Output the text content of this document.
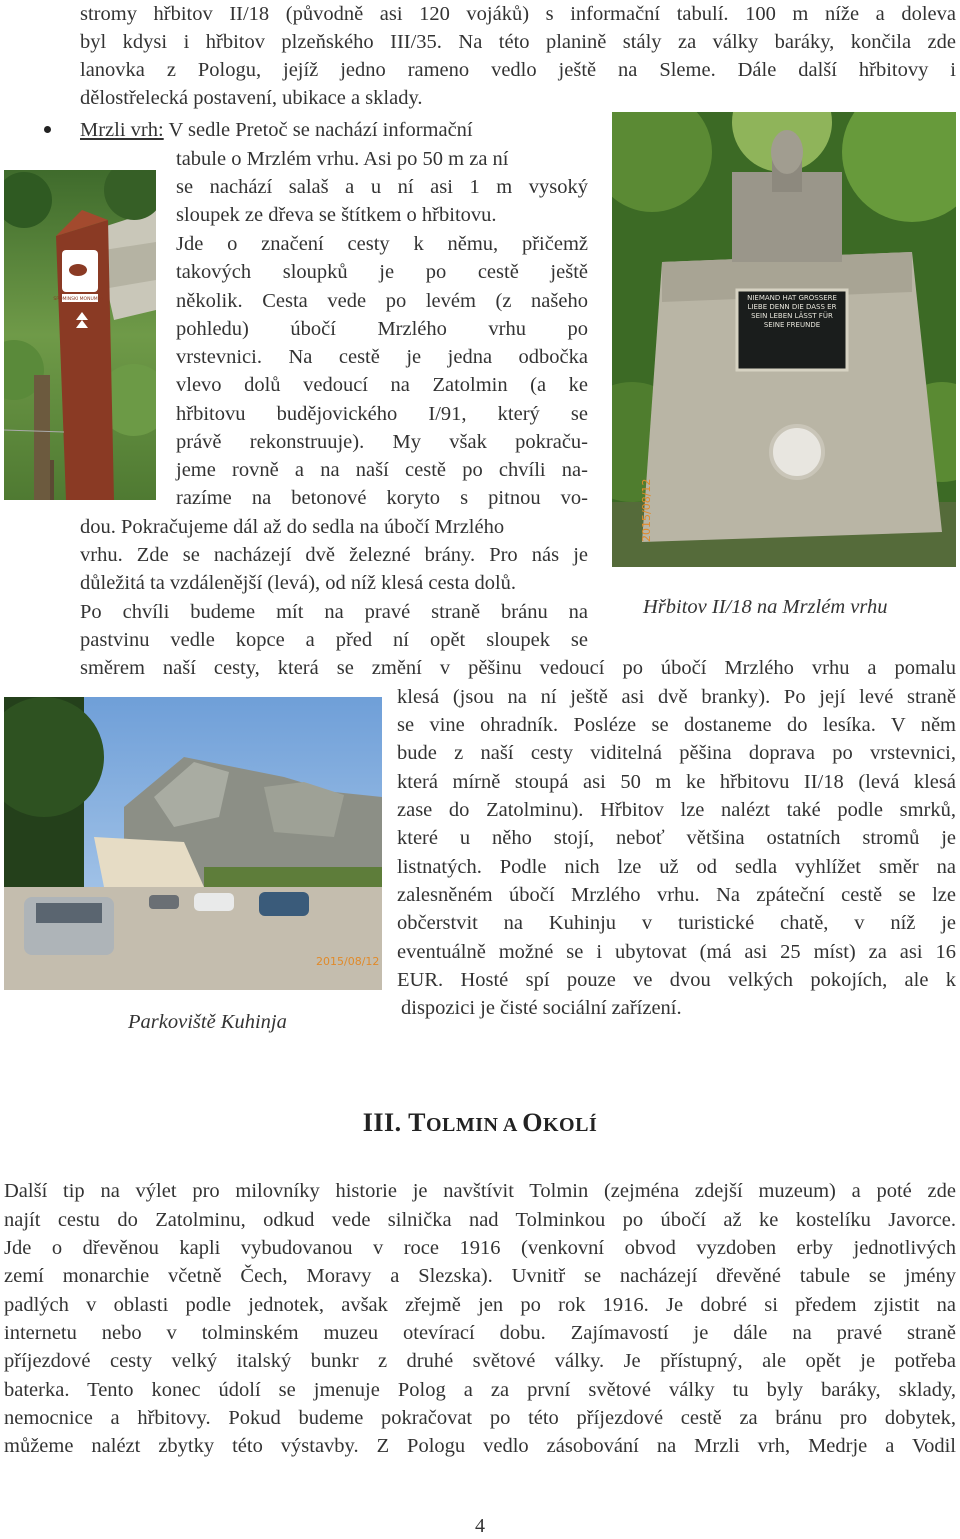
stromy hřbitov II/18 (původně asi 120 vojáků) s informační tabulí. 100 m níže a doleva
byl kdysi i hřbitov plzeňského III/35. Na této planině stály za války baráky, končila zde
lanovka z Pologu, jejíž jedno rameno vedlo ještě na Sleme. Dále další hřbitovy i
dělostřelecká postavení, ubikace a sklady.
Mrzli vrh: V sedle Pretoč se nachází informační
tabule o Mrzlém vrhu. Asi po 50 m za ní
se nachází salaš a u ní asi 1 m vysoký
sloupek ze dřeva se štítkem o hřbitovu.
Jde o značení cesty k němu, přičemž
takových sloupků je po cestě ještě
několik. Cesta vede po levém (z našeho
pohledu) úbočí Mrzlého vrhu po
vrstevnici. Na cestě je jedna odbočka
vlevo dolů vedoucí na Zatolmin (a ke
hřbitovu budějovického I/91, který se
právě rekonstruuje). My však pokraču-
jeme rovně a na naší cestě po chvíli na-
razíme na betonové koryto s pitnou vo-
dou. Pokračujeme dál až do sedla na úbočí Mrzlého
vrhu. Zde se nacházejí dvě železné brány. Pro nás je
důležitá ta vzdálenější (levá), od níž klesá cesta dolů.
Po chvíli budeme mít na pravé straně bránu na
pastvinu vedle kopce a před ní opět sloupek se
směrem naší cesty, která se změní v pěšinu vedoucí po úbočí Mrzlého vrhu a pomalu
klesá (jsou na ní ještě asi dvě branky). Po její levé straně
se vine ohradník. Posléze se dostaneme do lesíka. V něm
bude z naší cesty viditelná pěšina doprava po vrstevnici,
která mírně stoupá asi 50 m ke hřbitovu II/18 (levá klesá
zase do Zatolminu). Hřbitov lze nalézt také podle smrků,
které u něho stojí, neboť většina ostatních stromů je
listnatých. Podle nich lze už od sedla vyhlížet směr na
zalesněném úbočí Mrzlého vrhu. Na zpáteční cestě se lze
občerstvit na Kuhinju v turistické chatě, v níž je
eventuálně možné se i ubytovat (má asi 25 míst) za asi 16
EUR. Hosté spí pouze ve dvou velkých pokojích, ale k
dispozici je čisté sociální zařízení.
SPOMINSKI MONUMENT	NIEMAND HAT GRÖSSERE LIEBE DENN DIE DASS ER SEIN LEBEN LÄSST FÜR SEINE FREUNDE
2015/08/12
Hřbitov II/18 na Mrzlém vrhu
2015/08/12
Parkoviště Kuhinja
III. TOLMIN A OKOLÍ
Další tip na výlet pro milovníky historie je navštívit Tolmin (zejména zdejší muzeum) a poté zde
najít cestu do Zatolminu, odkud vede silnička nad Tolminkou po úbočí až ke kostelíku Javorce.
Jde o dřevěnou kapli vybudovanou v roce 1916 (venkovní obvod vyzdoben erby jednotlivých
zemí monarchie včetně Čech, Moravy a Slezska). Uvnitř se nacházejí dřevěné tabule se jmény
padlých v oblasti podle jednotek, avšak zřejmě jen po rok 1916. Je dobré si předem zjistit na
internetu nebo v tolminském muzeu otevírací dobu. Zajímavostí je dále na pravé straně
příjezdové cesty velký italský bunkr z druhé světové války. Je přístupný, ale opět je potřeba
baterka. Tento konec údolí se jmenuje Polog a za první světové války tu byly baráky, sklady,
nemocnice a hřbitovy. Pokud budeme pokračovat po této příjezdové cestě za bránu pro dobytek,
můžeme nalézt zbytky této výstavby. Z Pologu vedlo zásobování na Mrzli vrh, Medrje a Vodil
4
